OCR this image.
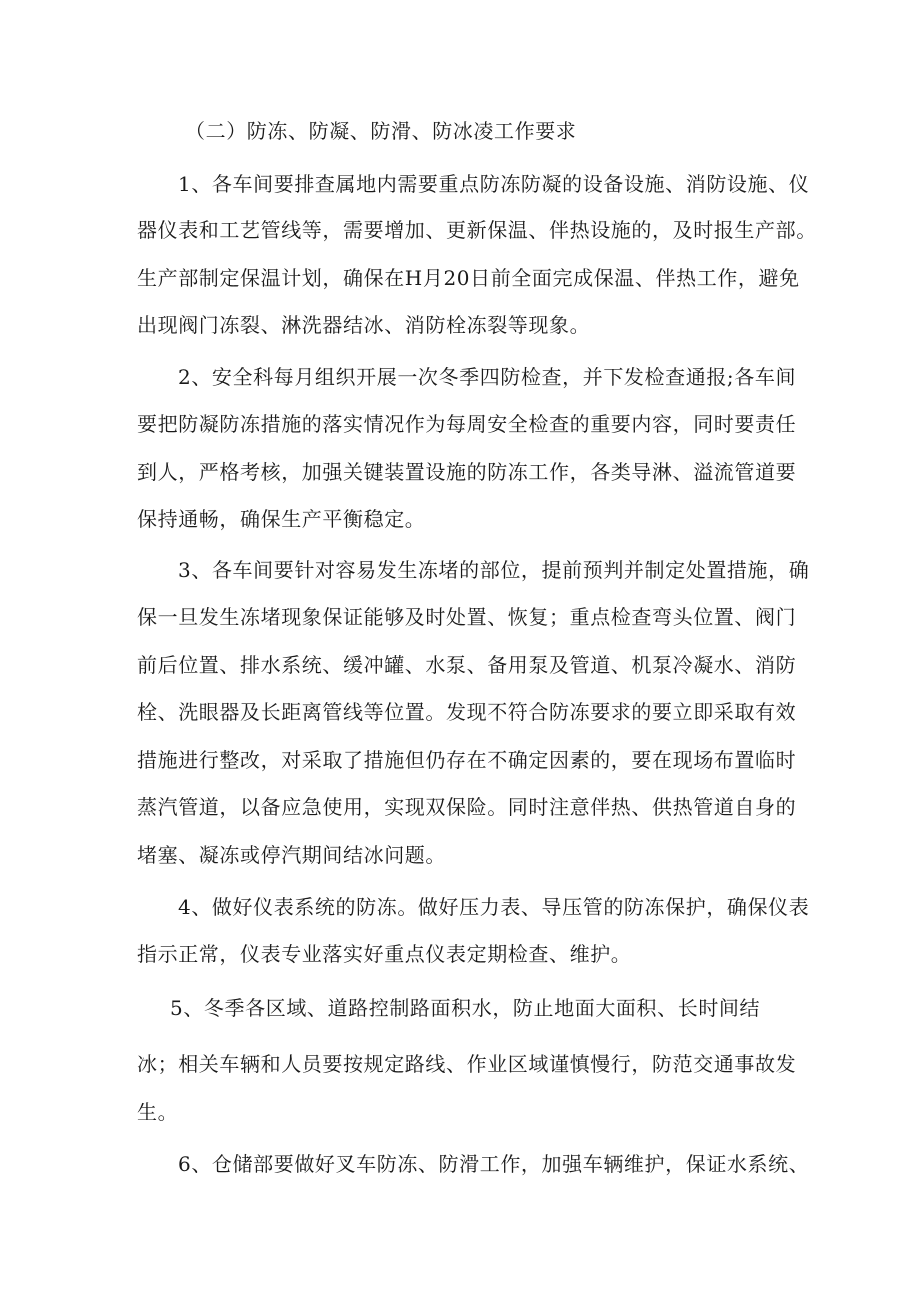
（二）防冻、防凝、防滑、防冰凌工作要求
1、各车间要排查属地内需要重点防冻防凝的设备设施、消防设施、仪
器仪表和工艺管线等，需要增加、更新保温、伴热设施的，及时报生产部。
生产部制定保温计划，确保在H月20日前全面完成保温、伴热工作，避免
出现阀门冻裂、淋洗器结冰、消防栓冻裂等现象。
2、安全科每月组织开展一次冬季四防检查，并下发检查通报;各车间
要把防凝防冻措施的落实情况作为每周安全检查的重要内容，同时要责任
到人，严格考核，加强关键装置设施的防冻工作，各类导淋、溢流管道要
保持通畅，确保生产平衡稳定。
3、各车间要针对容易发生冻堵的部位，提前预判并制定处置措施，确
保一旦发生冻堵现象保证能够及时处置、恢复；重点检查弯头位置、阀门
前后位置、排水系统、缓冲罐、水泵、备用泵及管道、机泵冷凝水、消防
栓、洗眼器及长距离管线等位置。发现不符合防冻要求的要立即采取有效
措施进行整改，对采取了措施但仍存在不确定因素的，要在现场布置临时
蒸汽管道，以备应急使用，实现双保险。同时注意伴热、供热管道自身的
堵塞、凝冻或停汽期间结冰问题。
4、做好仪表系统的防冻。做好压力表、导压管的防冻保护，确保仪表
指示正常，仪表专业落实好重点仪表定期检查、维护。
5、冬季各区域、道路控制路面积水，防止地面大面积、长时间结
冰；相关车辆和人员要按规定路线、作业区域谨慎慢行，防范交通事故发
生。
6、仓储部要做好叉车防冻、防滑工作，加强车辆维护，保证水系统、
